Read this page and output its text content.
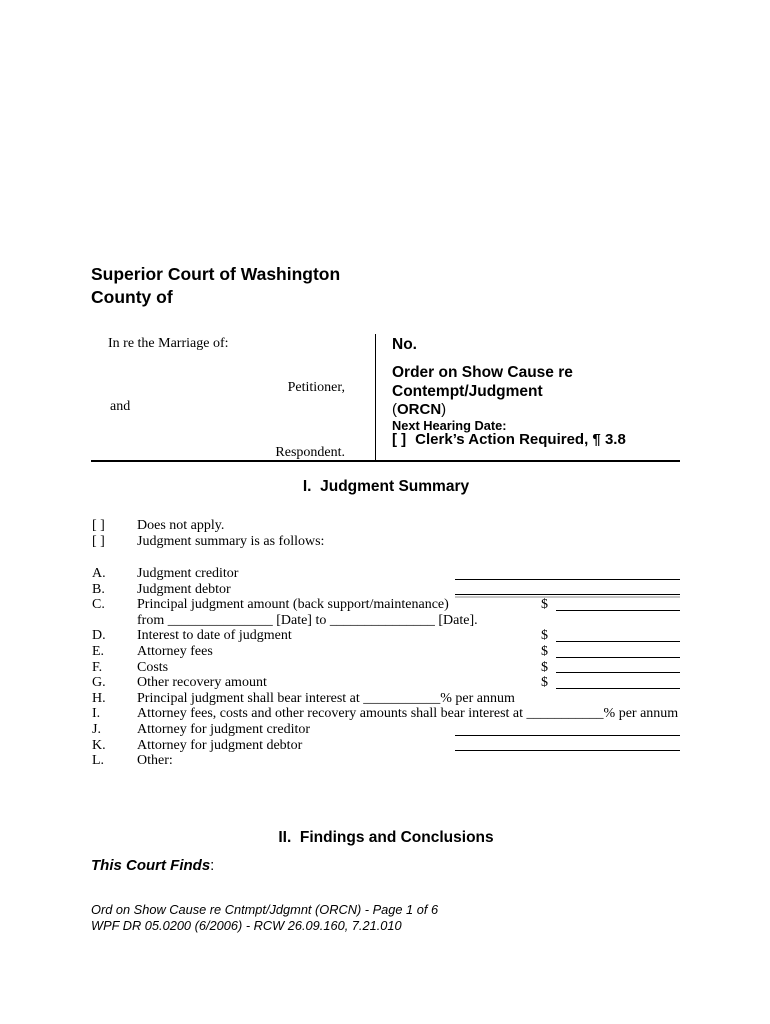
Superior Court of Washington
County of
In re the Marriage of:
Petitioner,
and
Respondent.
No.
Order on Show Cause re
Contempt/Judgment
(ORCN)
Next Hearing Date:
[ ] Clerk’s Action Required, ¶ 3.8
I.  Judgment Summary
[ ] Does not apply.
[ ] Judgment summary is as follows:
A. Judgment creditor
B. Judgment debtor
C. Principal judgment amount (back support/maintenance)	$
from _______________ [Date] to _______________ [Date].
D. Interest to date of judgment	$
E. Attorney fees	$
F. Costs	$
G. Other recovery amount	$
H. Principal judgment shall bear interest at ___________% per annum
I.	Attorney fees, costs and other recovery amounts shall bear interest at ___________% per annum
J.	Attorney for judgment creditor
K. Attorney for judgment debtor
L. Other:
II.  Findings and Conclusions
This Court Finds:
Ord on Show Cause re Cntmpt/Jdgmnt (ORCN) - Page 1 of 6
WPF DR 05.0200 (6/2006) - RCW 26.09.160, 7.21.010
